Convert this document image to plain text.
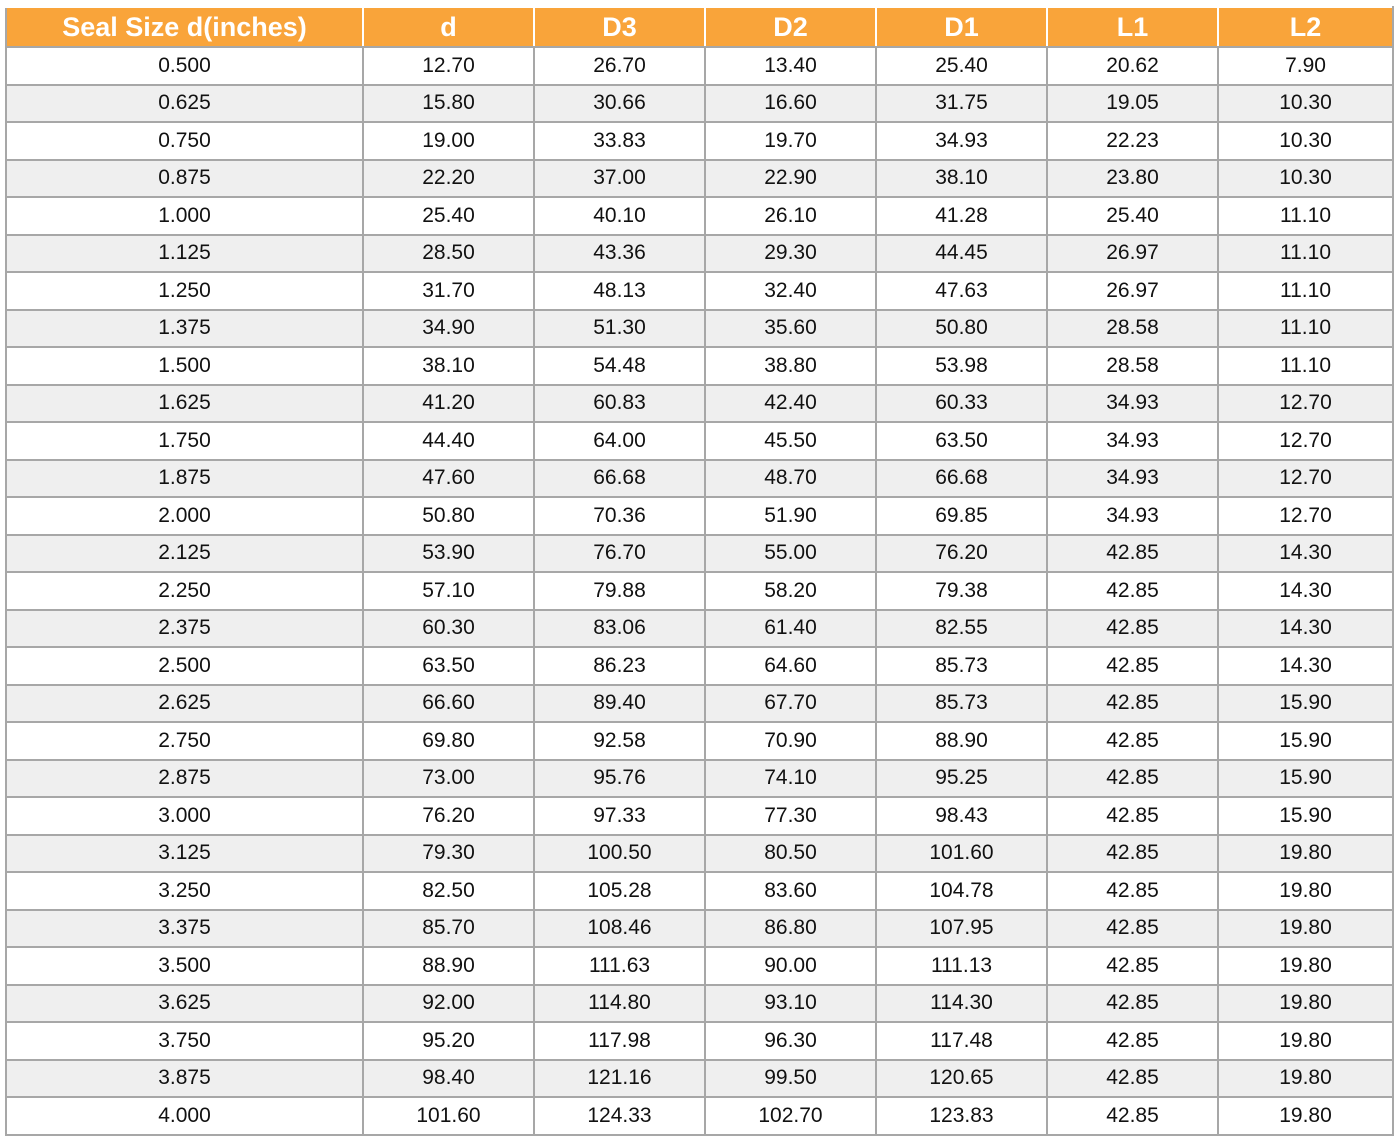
Seal Size d(inches)	d	D3	D2	D1	L1	L2
0.500	12.70	26.70	13.40	25.40	20.62	7.90
0.625	15.80	30.66	16.60	31.75	19.05	10.30
0.750	19.00	33.83	19.70	34.93	22.23	10.30
0.875	22.20	37.00	22.90	38.10	23.80	10.30
1.000	25.40	40.10	26.10	41.28	25.40	11.10
1.125	28.50	43.36	29.30	44.45	26.97	11.10
1.250	31.70	48.13	32.40	47.63	26.97	11.10
1.375	34.90	51.30	35.60	50.80	28.58	11.10
1.500	38.10	54.48	38.80	53.98	28.58	11.10
1.625	41.20	60.83	42.40	60.33	34.93	12.70
1.750	44.40	64.00	45.50	63.50	34.93	12.70
1.875	47.60	66.68	48.70	66.68	34.93	12.70
2.000	50.80	70.36	51.90	69.85	34.93	12.70
2.125	53.90	76.70	55.00	76.20	42.85	14.30
2.250	57.10	79.88	58.20	79.38	42.85	14.30
2.375	60.30	83.06	61.40	82.55	42.85	14.30
2.500	63.50	86.23	64.60	85.73	42.85	14.30
2.625	66.60	89.40	67.70	85.73	42.85	15.90
2.750	69.80	92.58	70.90	88.90	42.85	15.90
2.875	73.00	95.76	74.10	95.25	42.85	15.90
3.000	76.20	97.33	77.30	98.43	42.85	15.90
3.125	79.30	100.50	80.50	101.60	42.85	19.80
3.250	82.50	105.28	83.60	104.78	42.85	19.80
3.375	85.70	108.46	86.80	107.95	42.85	19.80
3.500	88.90	111.63	90.00	111.13	42.85	19.80
3.625	92.00	114.80	93.10	114.30	42.85	19.80
3.750	95.20	117.98	96.30	117.48	42.85	19.80
3.875	98.40	121.16	99.50	120.65	42.85	19.80
4.000	101.60	124.33	102.70	123.83	42.85	19.80
